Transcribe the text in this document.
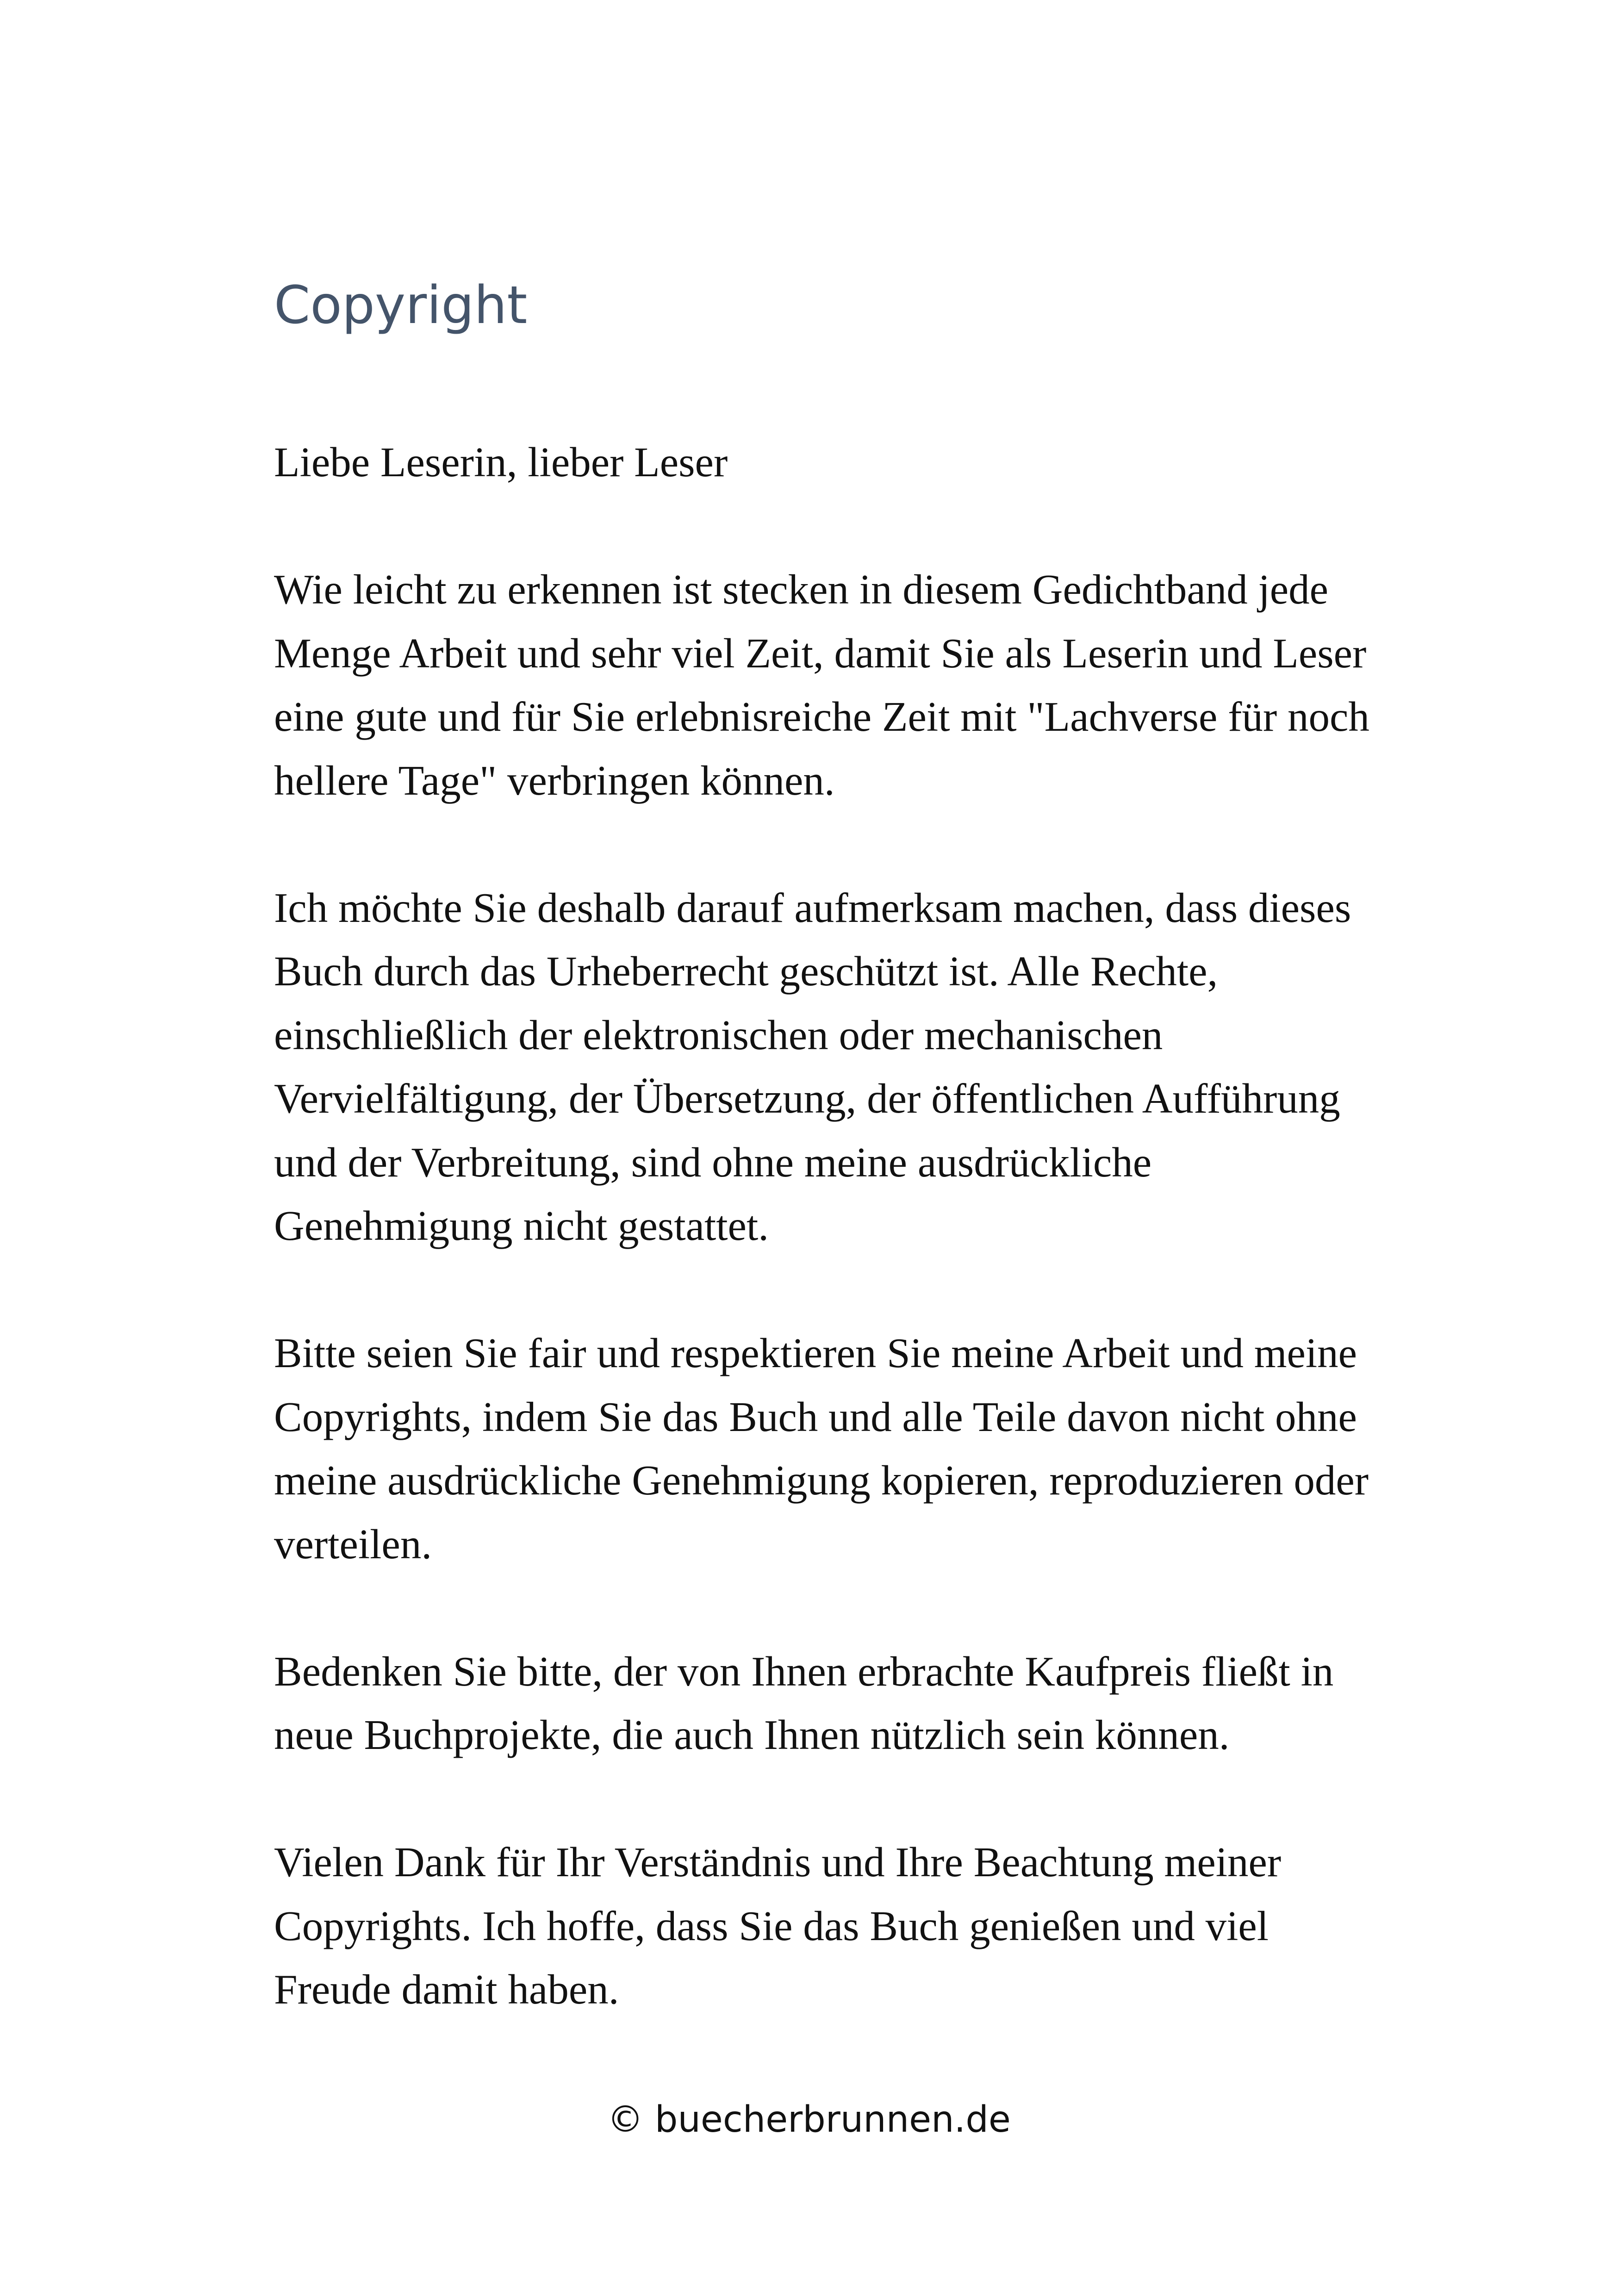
Copyright

Liebe Leserin, lieber Leser

Wie leicht zu erkennen ist stecken in diesem Gedichtband jede
Menge Arbeit und sehr viel Zeit, damit Sie als Leserin und Leser
eine gute und für Sie erlebnisreiche Zeit mit "Lachverse für noch
hellere Tage" verbringen können.

Ich möchte Sie deshalb darauf aufmerksam machen, dass dieses
Buch durch das Urheberrecht geschützt ist. Alle Rechte,
einschließlich der elektronischen oder mechanischen
Vervielfältigung, der Übersetzung, der öffentlichen Aufführung
und der Verbreitung, sind ohne meine ausdrückliche
Genehmigung nicht gestattet.

Bitte seien Sie fair und respektieren Sie meine Arbeit und meine
Copyrights, indem Sie das Buch und alle Teile davon nicht ohne
meine ausdrückliche Genehmigung kopieren, reproduzieren oder
verteilen.

Bedenken Sie bitte, der von Ihnen erbrachte Kaufpreis fließt in
neue Buchprojekte, die auch Ihnen nützlich sein können.

Vielen Dank für Ihr Verständnis und Ihre Beachtung meiner
Copyrights. Ich hoffe, dass Sie das Buch genießen und viel
Freude damit haben.

© buecherbrunnen.de
